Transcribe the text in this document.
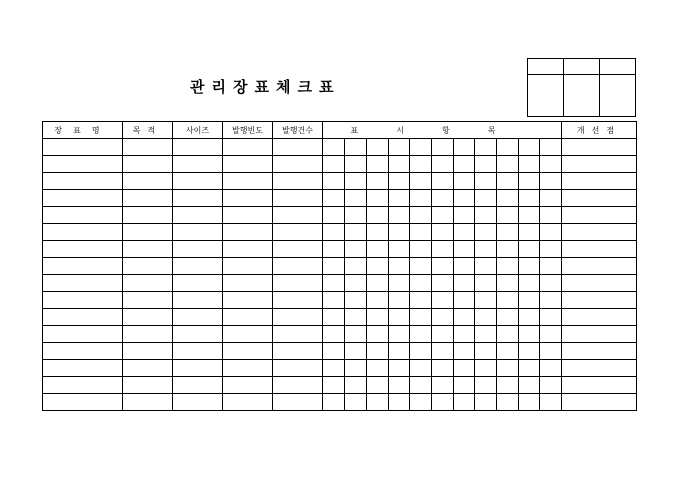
관리장표체크표

장표명	목적	사이즈	발행빈도	발행건수	표시항목											개선점
